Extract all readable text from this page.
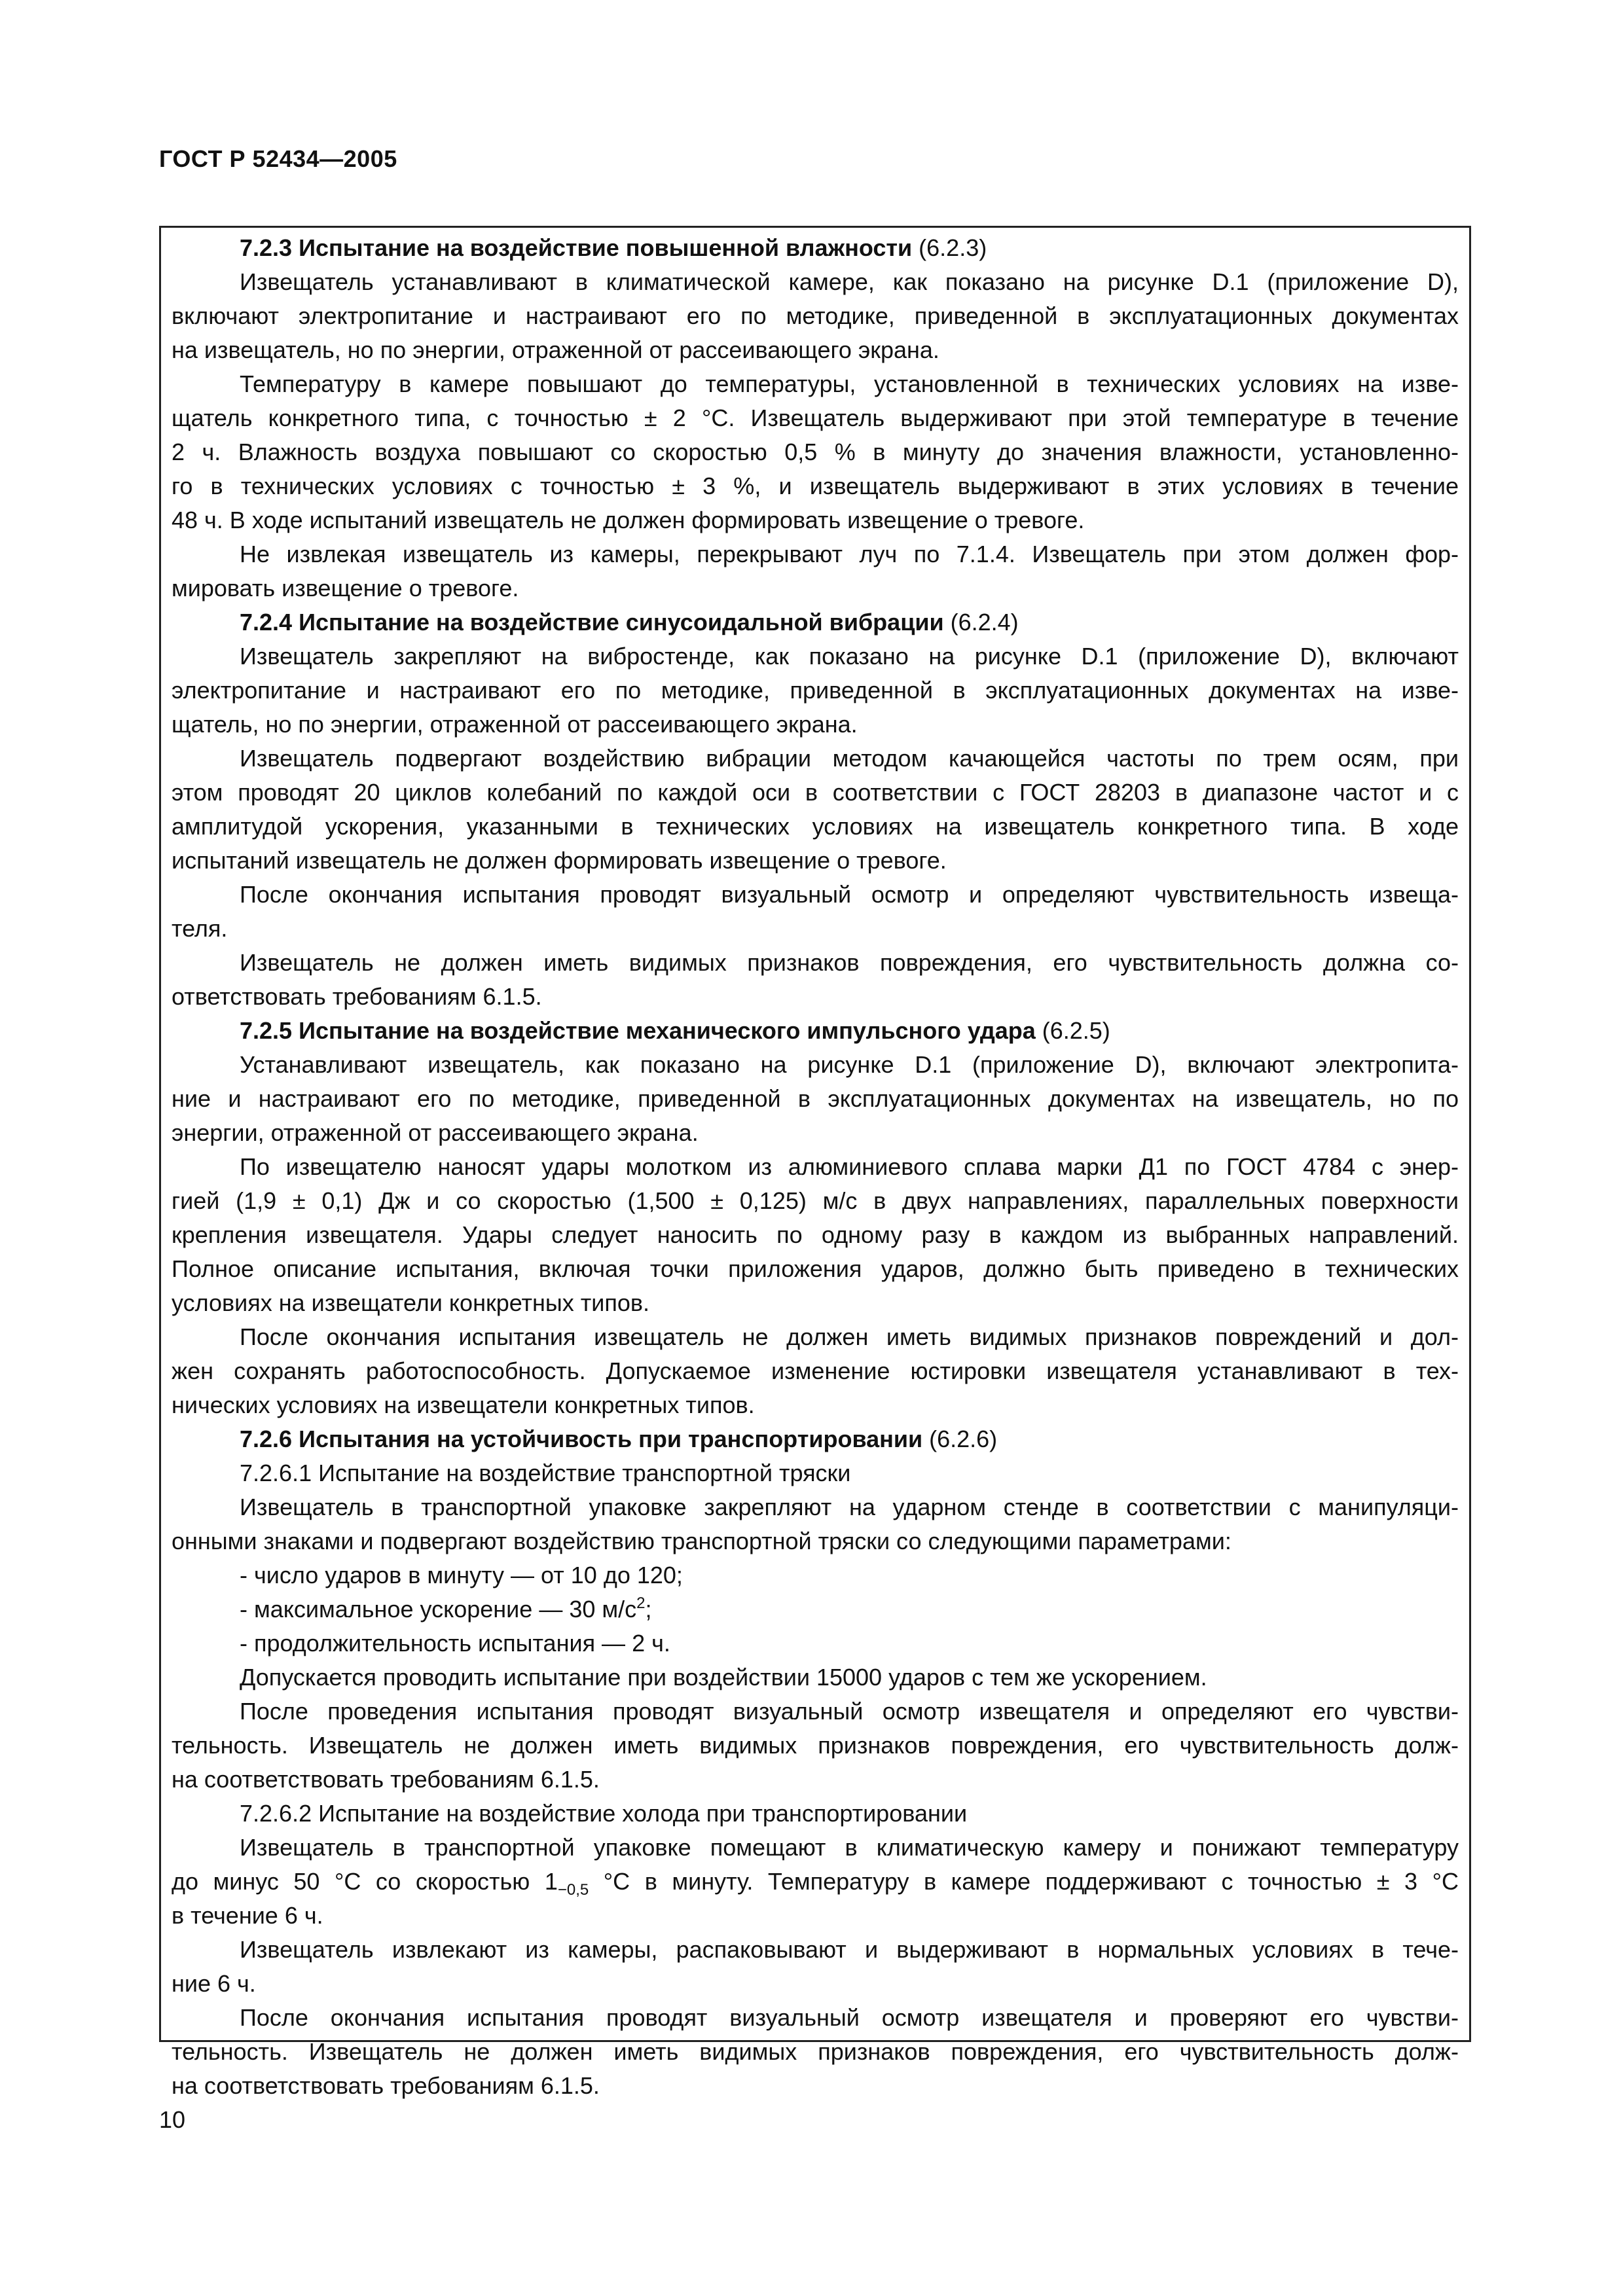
ГОСТ Р 52434—2005
7.2.3 Испытание на воздействие повышенной влажности (6.2.3)
Извещатель устанавливают в климатической камере, как показано на рисунке D.1 (приложение D),
включают электропитание и настраивают его по методике, приведенной в эксплуатационных документах
на извещатель, но по энергии, отраженной от рассеивающего экрана.
Температуру в камере повышают до температуры, установленной в технических условиях на изве-
щатель конкретного типа, с точностью ± 2 °С. Извещатель выдерживают при этой температуре в течение
2 ч. Влажность воздуха повышают со скоростью 0,5 % в минуту до значения влажности, установленно-
го в технических условиях с точностью ± 3 %, и извещатель выдерживают в этих условиях в течение
48 ч. В ходе испытаний извещатель не должен формировать извещение о тревоге.
Не извлекая извещатель из камеры, перекрывают луч по 7.1.4. Извещатель при этом должен фор-
мировать извещение о тревоге.
7.2.4 Испытание на воздействие синусоидальной вибрации (6.2.4)
Извещатель закрепляют на вибростенде, как показано на рисунке D.1 (приложение D), включают
электропитание и настраивают его по методике, приведенной в эксплуатационных документах на изве-
щатель, но по энергии, отраженной от рассеивающего экрана.
Извещатель подвергают воздействию вибрации методом качающейся частоты по трем осям, при
этом проводят 20 циклов колебаний по каждой оси в соответствии с ГОСТ 28203 в диапазоне частот и с
амплитудой ускорения, указанными в технических условиях на извещатель конкретного типа. В ходе
испытаний извещатель не должен формировать извещение о тревоге.
После окончания испытания проводят визуальный осмотр и определяют чувствительность извеща-
теля.
Извещатель не должен иметь видимых признаков повреждения, его чувствительность должна со-
ответствовать требованиям 6.1.5.
7.2.5 Испытание на воздействие механического импульсного удара (6.2.5)
Устанавливают извещатель, как показано на рисунке D.1 (приложение D), включают электропита-
ние и настраивают его по методике, приведенной в эксплуатационных документах на извещатель, но по
энергии, отраженной от рассеивающего экрана.
По извещателю наносят удары молотком из алюминиевого сплава марки Д1 по ГОСТ 4784 с энер-
гией (1,9 ± 0,1) Дж и со скоростью (1,500 ± 0,125) м/с в двух направлениях, параллельных поверхности
крепления извещателя. Удары следует наносить по одному разу в каждом из выбранных направлений.
Полное описание испытания, включая точки приложения ударов, должно быть приведено в технических
условиях на извещатели конкретных типов.
После окончания испытания извещатель не должен иметь видимых признаков повреждений и дол-
жен сохранять работоспособность. Допускаемое изменение юстировки извещателя устанавливают в тех-
нических условиях на извещатели конкретных типов.
7.2.6 Испытания на устойчивость при транспортировании (6.2.6)
7.2.6.1 Испытание на воздействие транспортной тряски
Извещатель в транспортной упаковке закрепляют на ударном стенде в соответствии с манипуляци-
онными знаками и подвергают воздействию транспортной тряски со следующими параметрами:
- число ударов в минуту — от 10 до 120;
- максимальное ускорение — 30 $м/с^2$;
- продолжительность испытания — 2 ч.
Допускается проводить испытание при воздействии 15000 ударов с тем же ускорением.
После проведения испытания проводят визуальный осмотр извещателя и определяют его чувстви-
тельность. Извещатель не должен иметь видимых признаков повреждения, его чувствительность долж-
на соответствовать требованиям 6.1.5.
7.2.6.2 Испытание на воздействие холода при транспортировании
Извещатель в транспортной упаковке помещают в климатическую камеру и понижают температуру
до минус 50 °С со скоростью $1_{-0,5}$ °С в минуту. Температуру в камере поддерживают с точностью ± 3 °С
в течение 6 ч.
Извещатель извлекают из камеры, распаковывают и выдерживают в нормальных условиях в тече-
ние 6 ч.
После окончания испытания проводят визуальный осмотр извещателя и проверяют его чувстви-
тельность. Извещатель не должен иметь видимых признаков повреждения, его чувствительность долж-
на соответствовать требованиям 6.1.5.
10
